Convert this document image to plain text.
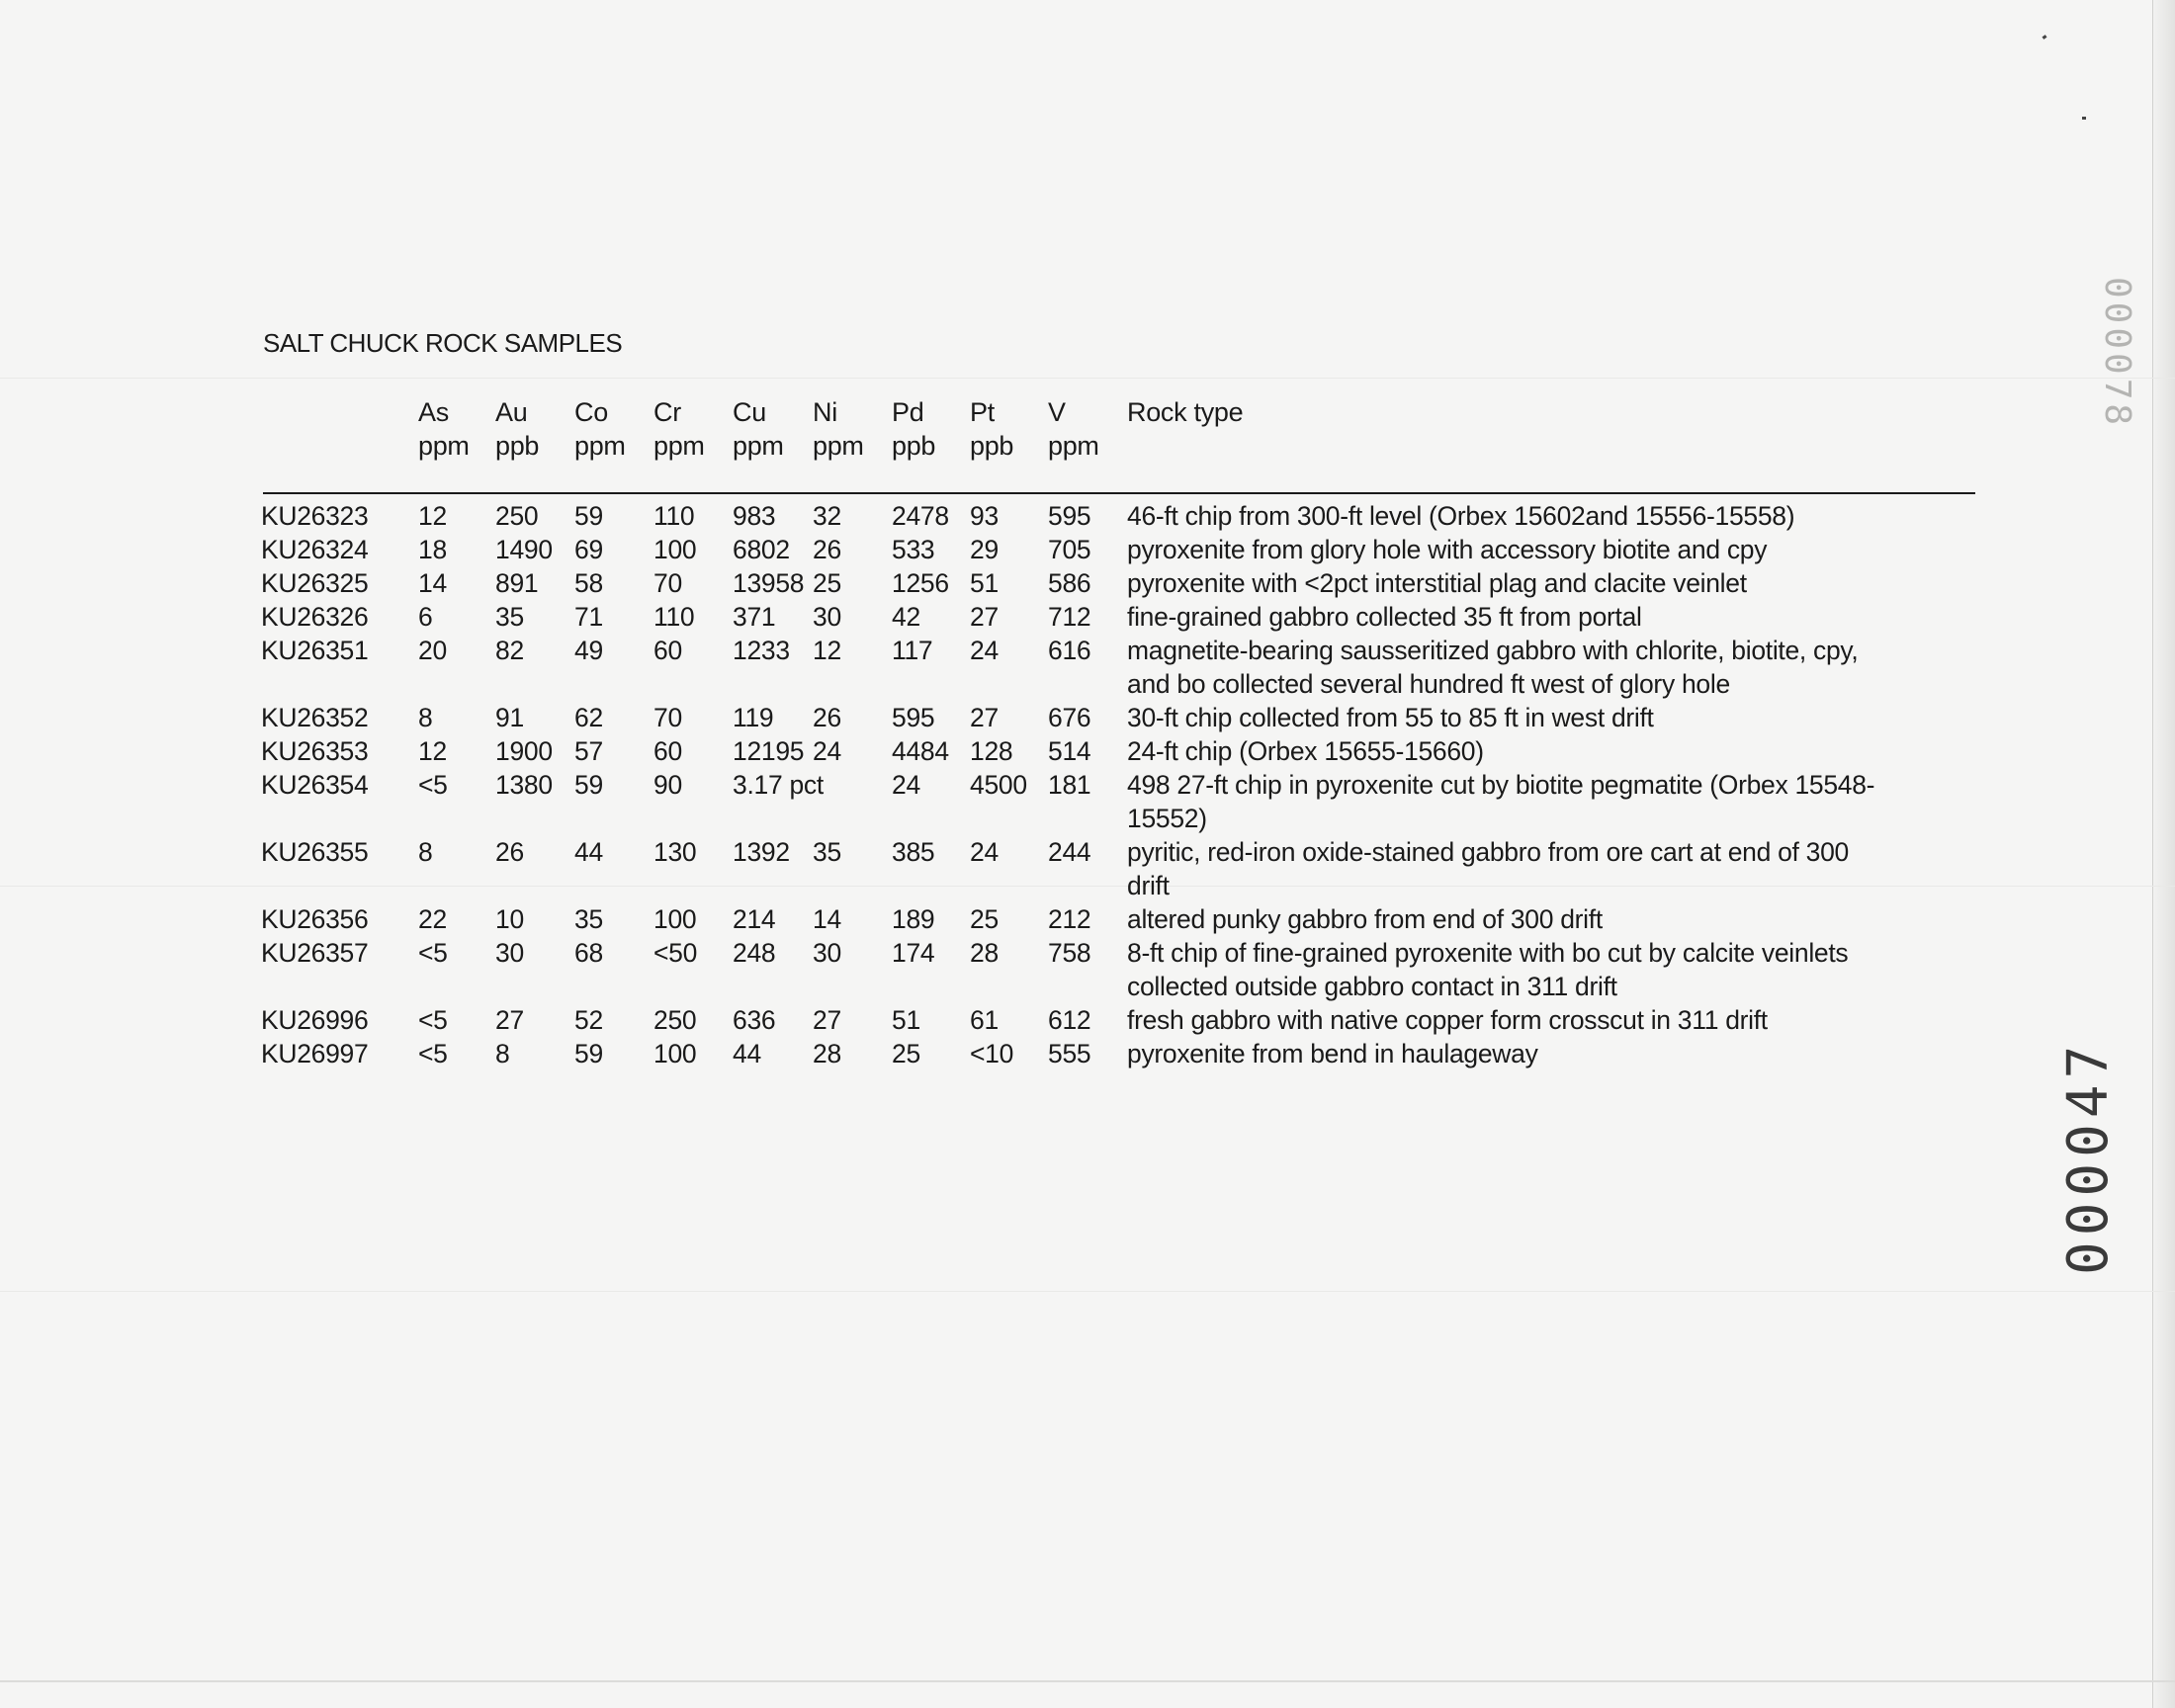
SALT CHUCK ROCK SAMPLES
As
ppm
Au
ppb
Co
ppm
Cr
ppm
Cu
ppm
Ni
ppm
Pd
ppb
Pt
ppb
V
ppm
Rock type
KU26323 12 250 59 110 983 32 2478 93 595 46-ft chip from 300-ft level (Orbex 15602and 15556-15558)
KU26324 18 1490 69 100 6802 26 533 29 705 pyroxenite from glory hole with accessory biotite and cpy
KU26325 14 891 58 70 13958 25 1256 51 586 pyroxenite with <2pct interstitial plag and clacite veinlet
KU26326 6 35 71 110 371 30 42 27 712 fine-grained gabbro collected 35 ft from portal
KU26351 20 82 49 60 1233 12 117 24 616 magnetite-bearing sausseritized gabbro with chlorite, biotite, cpy, and bo collected several hundred ft west of glory hole
KU26352 8 91 62 70 119 26 595 27 676 30-ft chip collected from 55 to 85 ft in west drift
KU26353 12 1900 57 60 12195 24 4484 128 514 24-ft chip (Orbex 15655-15660)
KU26354 <5 1380 59 90 3.17 pct	24 4500 181 498 27-ft chip in pyroxenite cut by biotite pegmatite (Orbex 15548-15552)
KU26355 8 26 44 130 1392 35 385 24 244 pyritic, red-iron oxide-stained gabbro from ore cart at end of 300 drift
KU26356 22 10 35 100 214 14 189 25 212 altered punky gabbro from end of 300 drift
KU26357 <5 30 68 <50 248 30 174 28 758 8-ft chip of fine-grained pyroxenite with bo cut by calcite veinlets collected outside gabbro contact in 311 drift
KU26996 <5 27 52 250 636 27 51 61 612 fresh gabbro with native copper form crosscut in 311 drift
KU26997 <5 8 59 100 44 28 25 <10 555 pyroxenite from bend in haulageway	000047
000078
